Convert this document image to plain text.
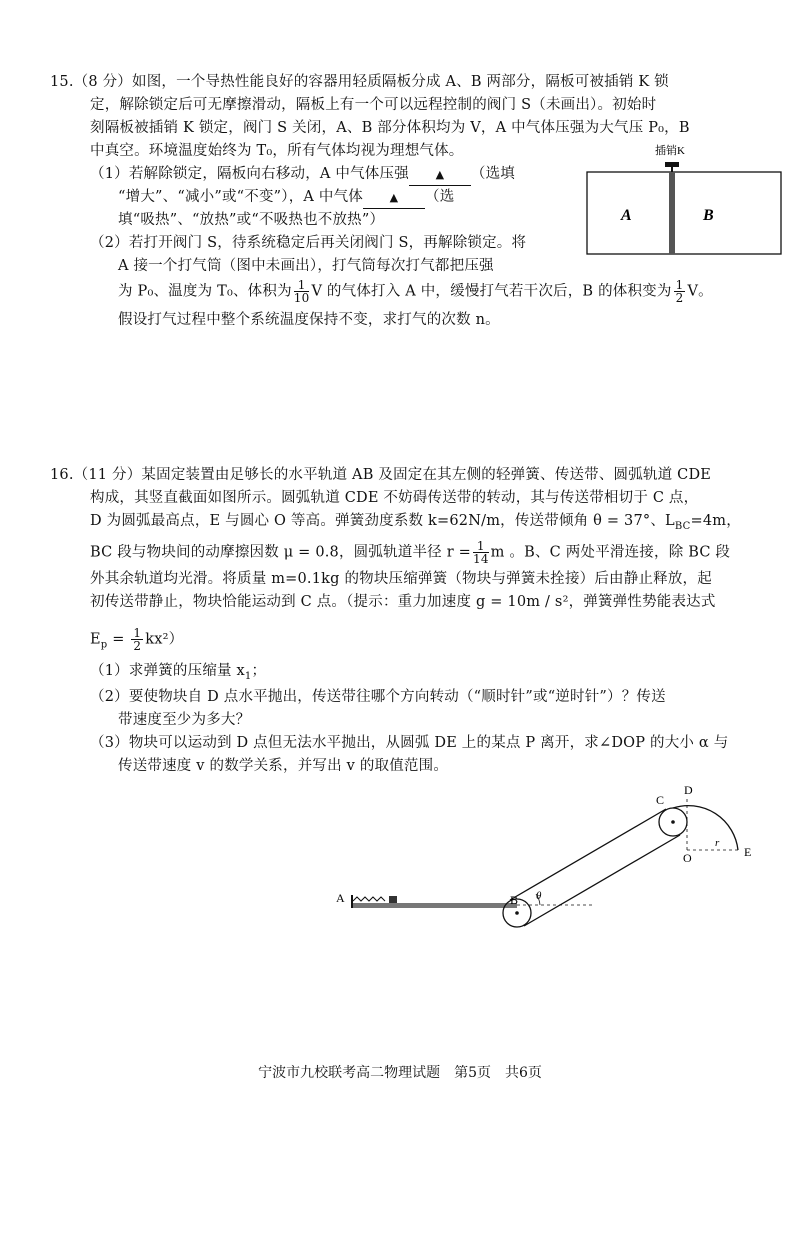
15.（8 分）如图，一个导热性能良好的容器用轻质隔板分成 A、B 两部分，隔板可被插销 K 锁
定，解除锁定后可无摩擦滑动，隔板上有一个可以远程控制的阀门 S（未画出）。初始时
刻隔板被插销 K 锁定，阀门 S 关闭，A、B 部分体积均为 V，A 中气体压强为大气压 P₀，B
中真空。环境温度始终为 T₀，所有气体均视为理想气体。
（1）若解除锁定，隔板向右移动，A 中气体压强 ▲ （选填
“增大”、“减小”或“不变”），A 中气体 ▲ （选
填“吸热”、“放热”或“不吸热也不放热”）
（2）若打开阀门 S，待系统稳定后再关闭阀门 S，再解除锁定。将
A 接一个打气筒（图中未画出），打气筒每次打气都把压强
为 P₀、温度为 T₀、体积为 $\frac{1}{10}$ V 的气体打入 A 中，缓慢打气若干次后，B 的体积变为 $\frac{1}{2}$ V。
假设打气过程中整个系统温度保持不变，求打气的次数 n。
插销K
A	B
16.（11 分）某固定装置由足够长的水平轨道 AB 及固定在其左侧的轻弹簧、传送带、圆弧轨道 CDE
构成，其竖直截面如图所示。圆弧轨道 CDE 不妨碍传送带的转动，其与传送带相切于 C 点，
D 为圆弧最高点，E 与圆心 O 等高。弹簧劲度系数 k=62N/m，传送带倾角 θ = 37°、$L_{BC}=4m$，
BC 段与物块间的动摩擦因数 μ = 0.8，圆弧轨道半径 $r = \frac{1}{14}$ m 。B、C 两处平滑连接，除 BC 段
外其余轨道均光滑。将质量 m=0.1kg 的物块压缩弹簧（物块与弹簧未拴接）后由静止释放，起
初传送带静止，物块恰能运动到 C 点。（提示：重力加速度 g = 10m / s²，弹簧弹性势能表达式
$E_p = \frac{1}{2} kx^2$）
（1）求弹簧的压缩量 $x_1$；
（2）要使物块自 D 点水平抛出，传送带往哪个方向转动（“顺时针”或“逆时针”）？传送
带速度至少为多大？
（3）物块可以运动到 D 点但无法水平抛出，从圆弧 DE 上的某点 P 离开，求∠DOP 的大小 α 与
传送带速度 v 的数学关系，并写出 v 的取值范围。
A	θ
B
C
D
E
O
r
宁波市九校联考高二物理试题　第5页　共6页
